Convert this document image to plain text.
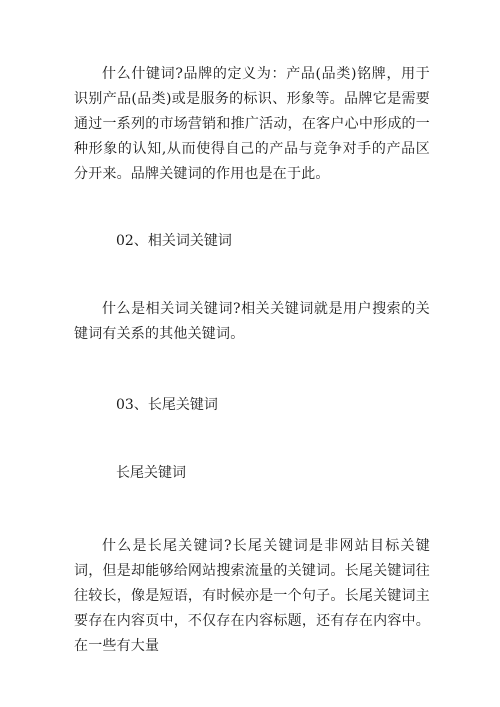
什么什键词?品牌的定义为：产品(品类)铭牌，用于识别产品(品类)或是服务的标识、形象等。品牌它是需要通过一系列的市场营销和推广活动，在客户心中形成的一种形象的认知,从而使得自己的产品与竞争对手的产品区分开来。品牌关键词的作用也是在于此。

02、相关词关键词

什么是相关词关键词?相关关键词就是用户搜索的关键词有关系的其他关键词。

03、长尾关键词

长尾关键词

什么是长尾关键词?长尾关键词是非网站目标关键词，但是却能够给网站搜索流量的关键词。长尾关键词往往较长，像是短语，有时候亦是一个句子。长尾关键词主要存在内容页中，不仅存在内容标题，还有存在内容中。在一些有大量
